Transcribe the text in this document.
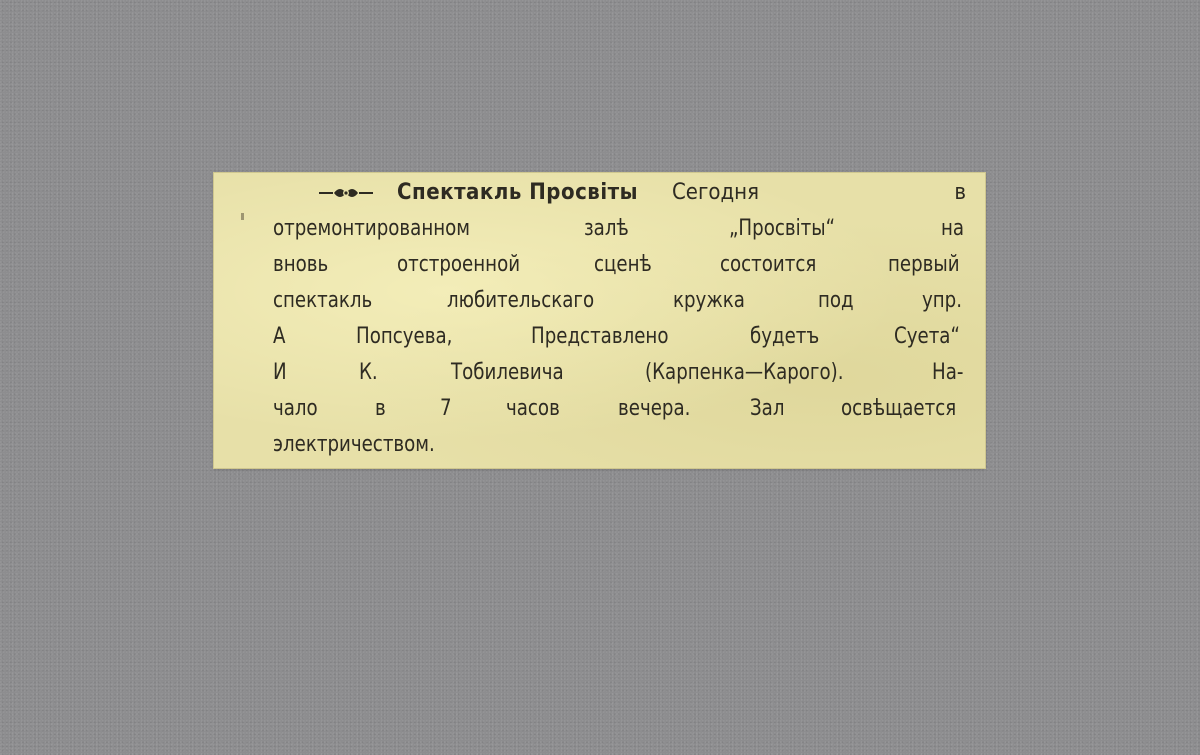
Спектакль Просвіты Сегодня	в
отремонтированном	залѣ	„Просвіты“	на
вновь	отстроенной	сценѣ	состоится	первый
спектакль	любительскаго	кружка	под	упр.
А	Попсуева,	Представлено	будетъ	Суета“
И	К.	Тобилевича	(Карпенка—Карого).	На-
чало	в 7 часов	вечера.	Зал	освѣщается
электричеством.
